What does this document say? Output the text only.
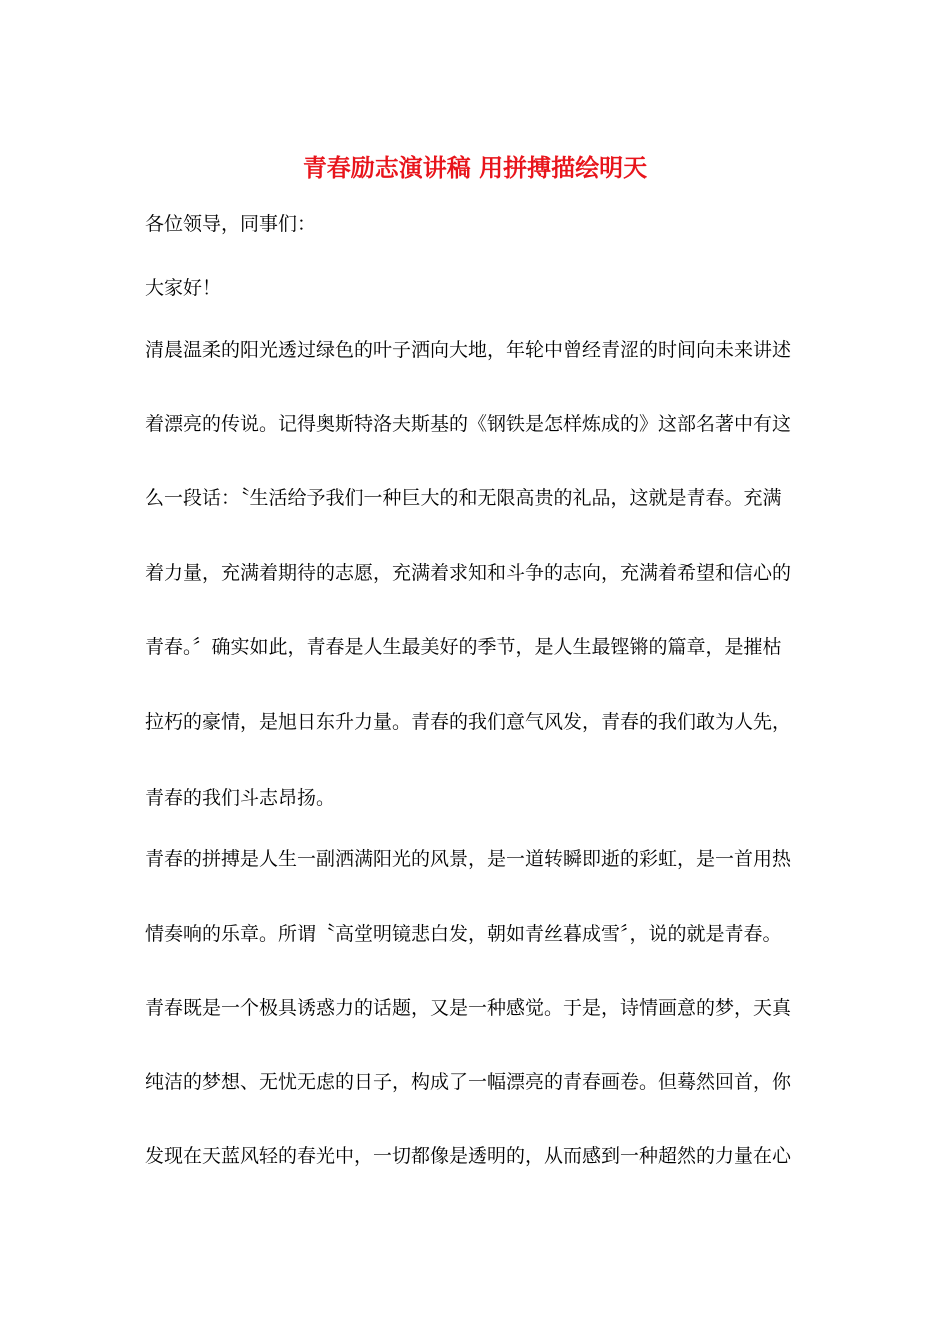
青春励志演讲稿 用拼搏描绘明天

各位领导，同事们：

大家好！

清晨温柔的阳光透过绿色的叶子洒向大地，年轮中曾经青涩的时间向未来讲述

着漂亮的传说。记得奥斯特洛夫斯基的《钢铁是怎样炼成的》这部名著中有这

么一段话：〝生活给予我们一种巨大的和无限高贵的礼品，这就是青春。充满

着力量，充满着期待的志愿，充满着求知和斗争的志向，充满着希望和信心的

青春。〞确实如此，青春是人生最美好的季节，是人生最铿锵的篇章，是摧枯

拉朽的豪情，是旭日东升力量。青春的我们意气风发，青春的我们敢为人先，

青春的我们斗志昂扬。

青春的拼搏是人生一副洒满阳光的风景，是一道转瞬即逝的彩虹，是一首用热

情奏响的乐章。所谓〝高堂明镜悲白发，朝如青丝暮成雪〞，说的就是青春。

青春既是一个极具诱惑力的话题，又是一种感觉。于是，诗情画意的梦，天真

纯洁的梦想、无忧无虑的日子，构成了一幅漂亮的青春画卷。但蓦然回首，你

发现在天蓝风轻的春光中，一切都像是透明的，从而感到一种超然的力量在心
